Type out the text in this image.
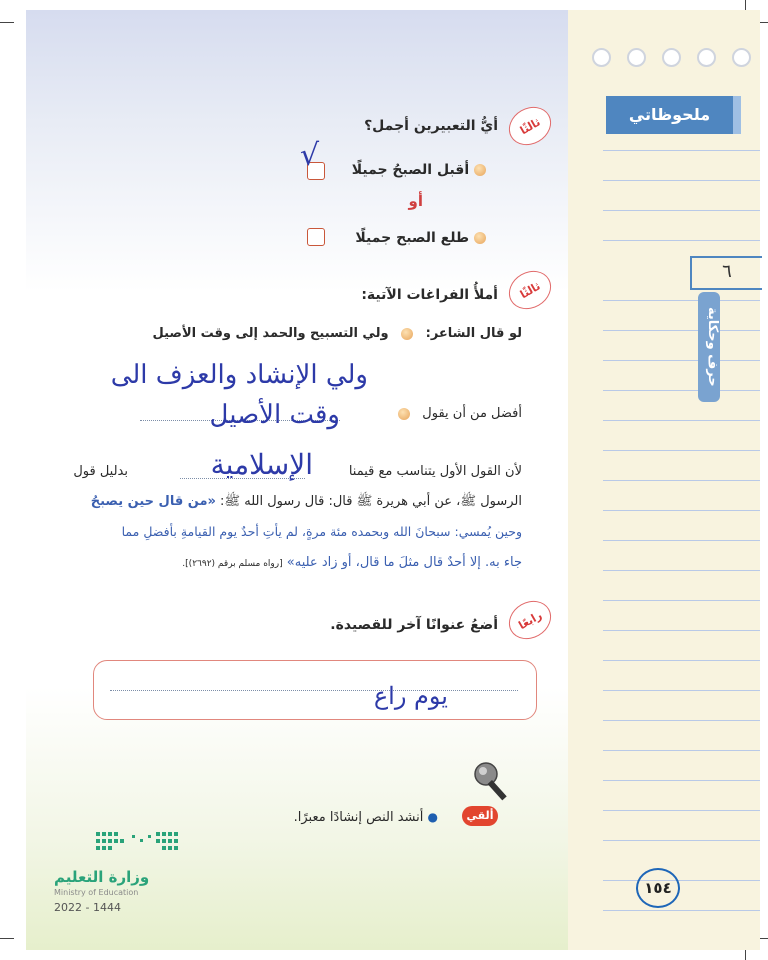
ملحوظاتي
٦
حرف وحكاية
١٥٤
ثالثًا
أيُّ التعبيرين أجمل؟
أقبل الصبحُ جميلًا
√
أو
طلع الصبح جميلًا
ثالثًا
أملأُ الفراغات الآتية:
لو قال الشاعر:  ولي التسبيح والحمد إلى وقت الأصيل
ولي الإنشاد والعزف الى
أفضل من أن يقول
وقت الأصيل
لأن القول الأول يتناسب مع قيمنا
الإسلامية
بدليل قول
الرسول ﷺ، عن أبي هريرة ﷺ قال: قال رسول الله ﷺ: «من قال حين يصبحُ
وحين يُمسي: سبحانَ الله وبحمده مئة مرةٍ، لم يأتِ أحدٌ يوم القيامةِ بأفضلِ مما
جاء به. إلا أحدٌ قال مثلَ ما قال، أو زاد عليه» [رواه مسلم برقم (٢٦٩٢)].
رابعًا
أضعُ عنوانًا آخر للقصيدة.
يوم راع
ألقي
● أنشد النص إنشادًا معبرًا.
وزارة التعليم
Ministry of Education
2022 - 1444
